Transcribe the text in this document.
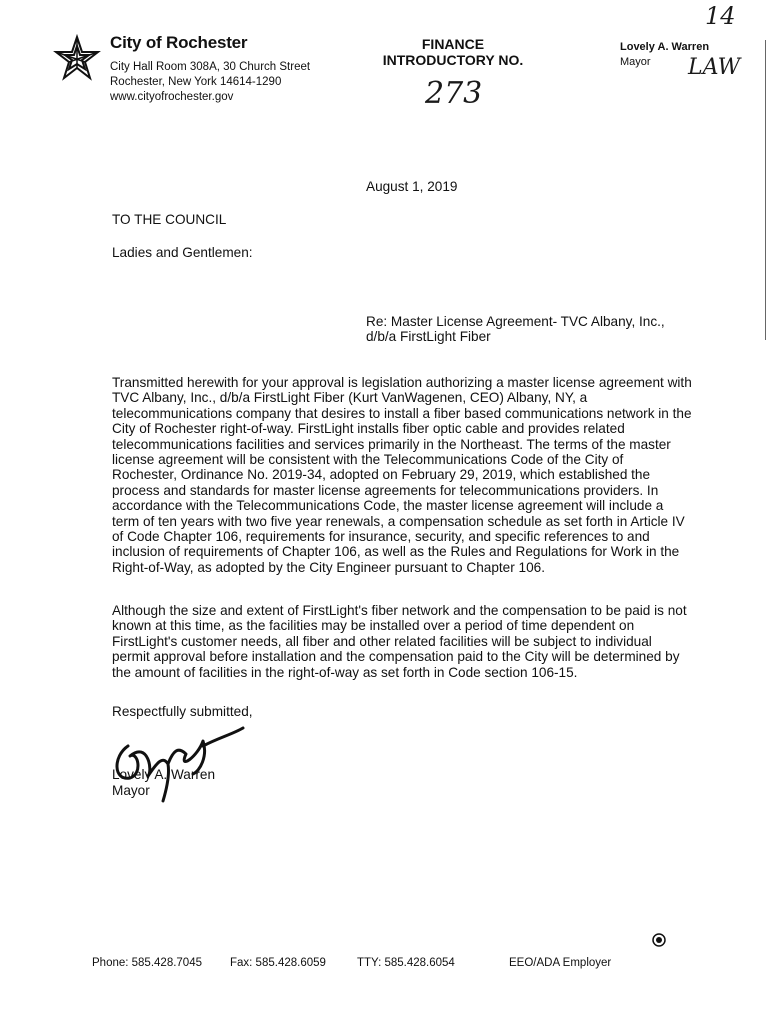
City of Rochester
City Hall Room 308A, 30 Church Street
Rochester, New York 14614-1290
www.cityofrochester.gov
FINANCE
INTRODUCTORY NO.
273
Lovely A. Warren
Mayor
14
LAW
August 1, 2019
TO THE COUNCIL
Ladies and Gentlemen:
Re: Master License Agreement- TVC Albany, Inc.,
d/b/a FirstLight Fiber
Transmitted herewith for your approval is legislation authorizing a master license agreement with TVC Albany, Inc., d/b/a FirstLight Fiber (Kurt VanWagenen, CEO) Albany, NY, a telecommunications company that desires to install a fiber based communications network in the City of Rochester right-of-way. FirstLight installs fiber optic cable and provides related telecommunications facilities and services primarily in the Northeast. The terms of the master license agreement will be consistent with the Telecommunications Code of the City of Rochester, Ordinance No. 2019-34, adopted on February 29, 2019, which established the process and standards for master license agreements for telecommunications providers. In accordance with the Telecommunications Code, the master license agreement will include a term of ten years with two five year renewals, a compensation schedule as set forth in Article IV of Code Chapter 106, requirements for insurance, security, and specific references to and inclusion of requirements of Chapter 106, as well as the Rules and Regulations for Work in the Right-of-Way, as adopted by the City Engineer pursuant to Chapter 106.
Although the size and extent of FirstLight's fiber network and the compensation to be paid is not known at this time, as the facilities may be installed over a period of time dependent on FirstLight's customer needs, all fiber and other related facilities will be subject to individual permit approval before installation and the compensation paid to the City will be determined by the amount of facilities in the right-of-way as set forth in Code section 106-15.
Respectfully submitted,
Lovely A. Warren
Mayor
Phone: 585.428.7045 Fax: 585.428.6059	TTY: 585.428.6054	EEO/ADA Employer
